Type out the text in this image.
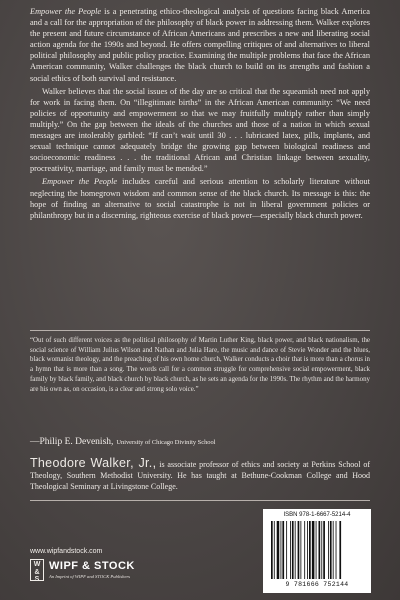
Empower the People is a penetrating ethico-theological analysis of questions facing black America and a call for the appropriation of the philosophy of black power in addressing them. Walker explores the present and future circumstance of African Americans and prescribes a new and liberating social action agenda for the 1990s and beyond. He offers compelling critiques of and alternatives to liberal political philosophy and public policy practice. Examining the multiple problems that face the African American community, Walker challenges the black church to build on its strengths and fashion a social ethics of both survival and resistance.

Walker believes that the social issues of the day are so critical that the squeamish need not apply for work in facing them. On “illegitimate births” in the African American community: “We need policies of opportunity and empowerment so that we may fruitfully multiply rather than simply multiply.” On the gap between the ideals of the churches and those of a nation in which sexual messages are intolerably garbled: “If can’t wait until 30 . . . lubricated latex, pills, implants, and sexual technique cannot adequately bridge the growing gap between biological readiness and socioeconomic readiness . . . the traditional African and Christian linkage between sexuality, procreativity, marriage, and family must be mended.”

Empower the People includes careful and serious attention to scholarly literature without neglecting the homegrown wisdom and common sense of the black church. Its message is this: the hope of finding an alternative to social catastrophe is not in liberal government policies or philanthropy but in a discerning, righteous exercise of black power—especially black church power.

“Out of such different voices as the political philosophy of Martin Luther King, black power, and black nationalism, the social science of William Julius Wilson and Nathan and Julia Hare, the music and dance of Stevie Wonder and the blues, black womanist theology, and the preaching of his own home church, Walker conducts a choir that is more than a chorus in a hymn that is more than a song. The words call for a common struggle for comprehensive social empowerment, black family by black family, and black church by black church, as he sets an agenda for the 1990s. The rhythm and the harmony are his own as, on occasion, is a clear and strong solo voice.”

—Philip E. Devenish, University of Chicago Divinity School

Theodore Walker, Jr., is associate professor of ethics and society at Perkins School of Theology, Southern Methodist University. He has taught at Bethune-Cookman College and Hood Theological Seminary at Livingstone College.

www.wipfandstock.com
W
&
S
WIPF & STOCK
An Imprint of WIPF and STOCK Publishers
ISBN 978-1-6667-5214-4
9 781666 752144
